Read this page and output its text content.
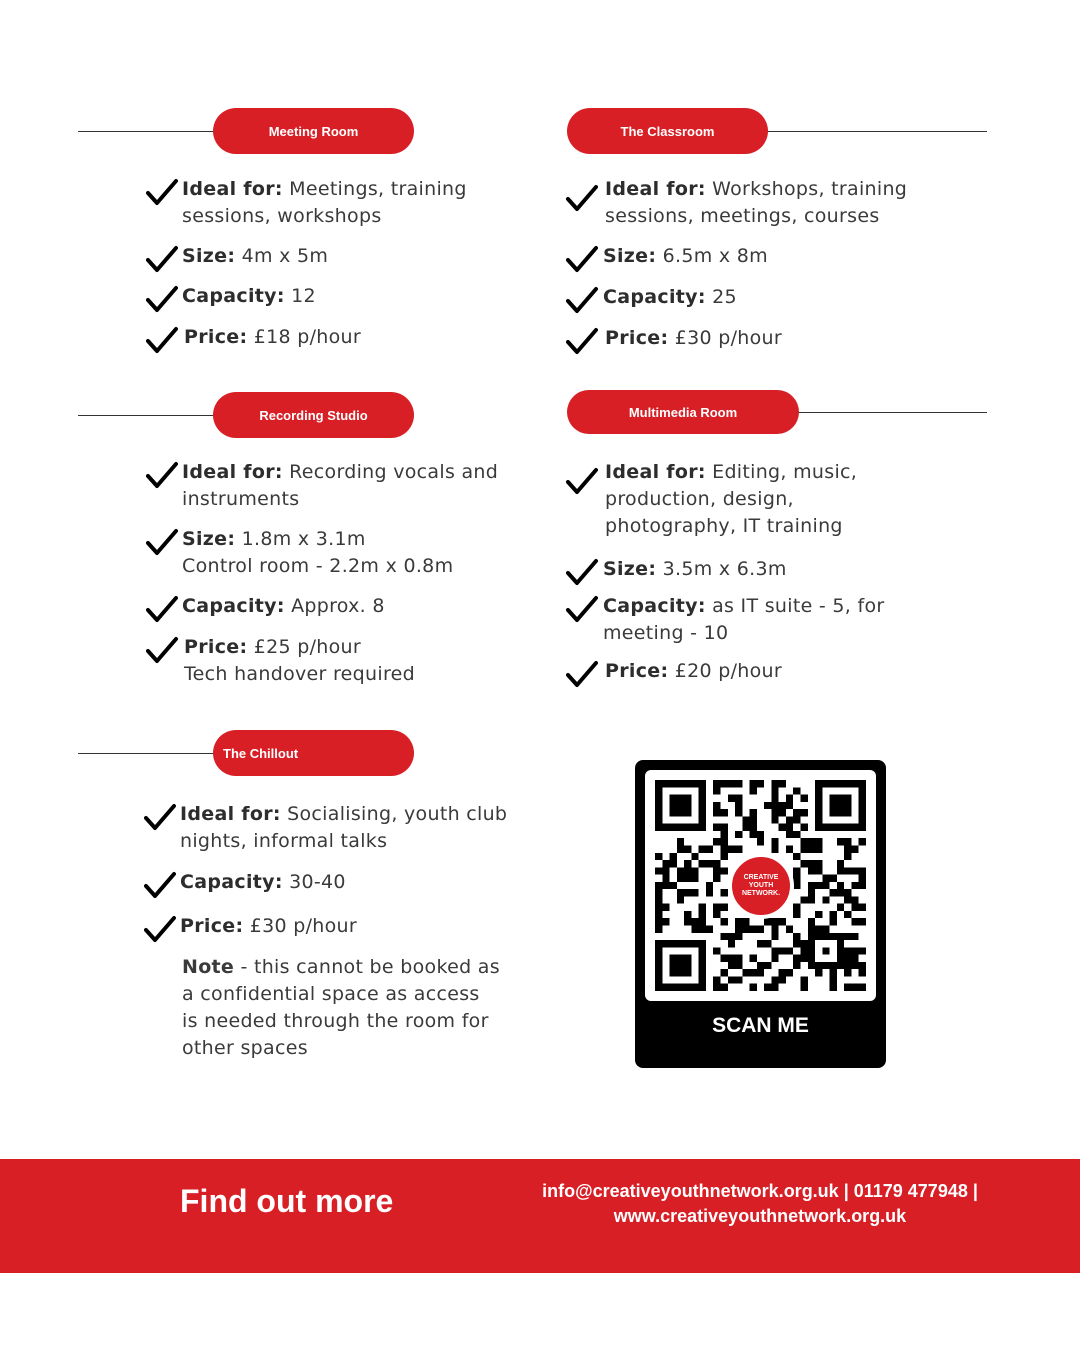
Meeting Room
Ideal for: Meetings, training
sessions, workshops
Size: 4m x 5m
Capacity: 12
Price: £18 p/hour
The Classroom
Ideal for: Workshops, training
sessions, meetings, courses
Size: 6.5m x 8m
Capacity: 25
Price: £30 p/hour
Recording Studio
Ideal for: Recording vocals and
instruments
Size: 1.8m x 3.1m
Control room - 2.2m x 0.8m
Capacity: Approx. 8
Price: £25 p/hour
Tech handover required
Multimedia Room
Ideal for: Editing, music,
production, design,
photography, IT training
Size: 3.5m x 6.3m
Capacity: as IT suite - 5, for
meeting - 10
Price: £20 p/hour
The Chillout
Ideal for: Socialising, youth club
nights, informal talks
Capacity: 30-40
Price: £30 p/hour
Note - this cannot be booked as
a confidential space as access
is needed through the room for
other spaces
CREATIVE
YOUTH
NETWORK.
SCAN ME
Find out more	info@creativeyouthnetwork.org.uk | 01179 477948 |
www.creativeyouthnetwork.org.uk
